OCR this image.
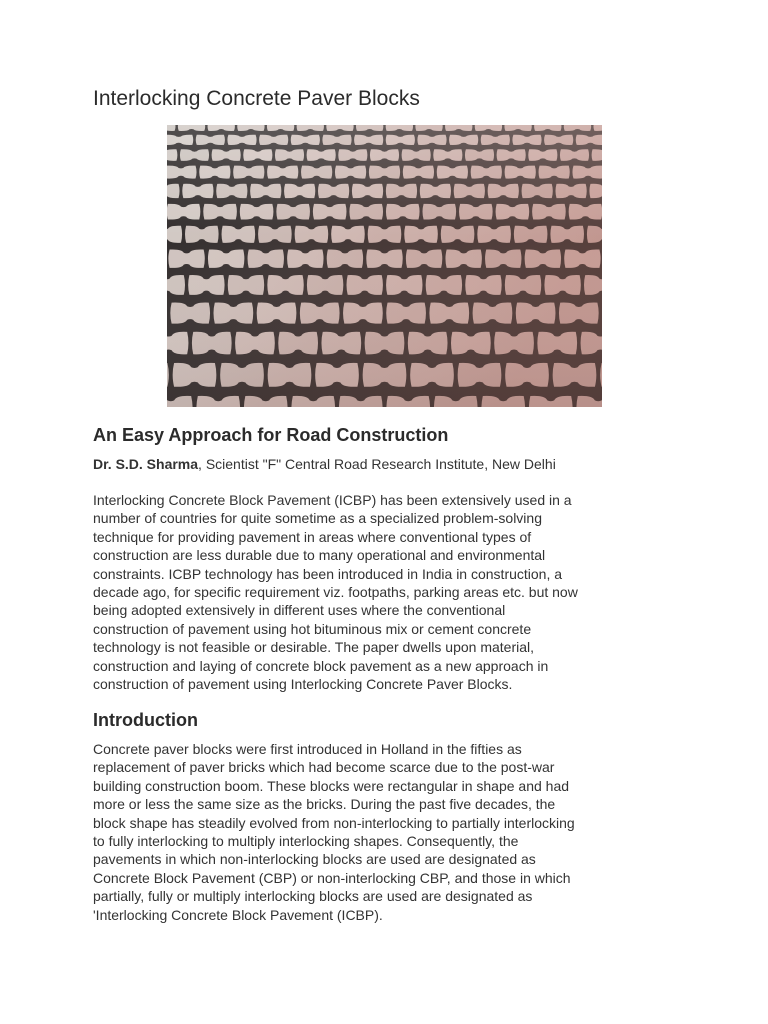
Interlocking Concrete Paver Blocks
An Easy Approach for Road Construction
Dr. S.D. Sharma, Scientist "F" Central Road Research Institute, New Delhi
Interlocking Concrete Block Pavement (ICBP) has been extensively used in a
number of countries for quite sometime as a specialized problem-solving
technique for providing pavement in areas where conventional types of
construction are less durable due to many operational and environmental
constraints. ICBP technology has been introduced in India in construction, a
decade ago, for specific requirement viz. footpaths, parking areas etc. but now
being adopted extensively in different uses where the conventional
construction of pavement using hot bituminous mix or cement concrete
technology is not feasible or desirable. The paper dwells upon material,
construction and laying of concrete block pavement as a new approach in
construction of pavement using Interlocking Concrete Paver Blocks.
Introduction
Concrete paver blocks were first introduced in Holland in the fifties as
replacement of paver bricks which had become scarce due to the post-war
building construction boom. These blocks were rectangular in shape and had
more or less the same size as the bricks. During the past five decades, the
block shape has steadily evolved from non-interlocking to partially interlocking
to fully interlocking to multiply interlocking shapes. Consequently, the
pavements in which non-interlocking blocks are used are designated as
Concrete Block Pavement (CBP) or non-interlocking CBP, and those in which
partially, fully or multiply interlocking blocks are used are designated as
'Interlocking Concrete Block Pavement (ICBP).
